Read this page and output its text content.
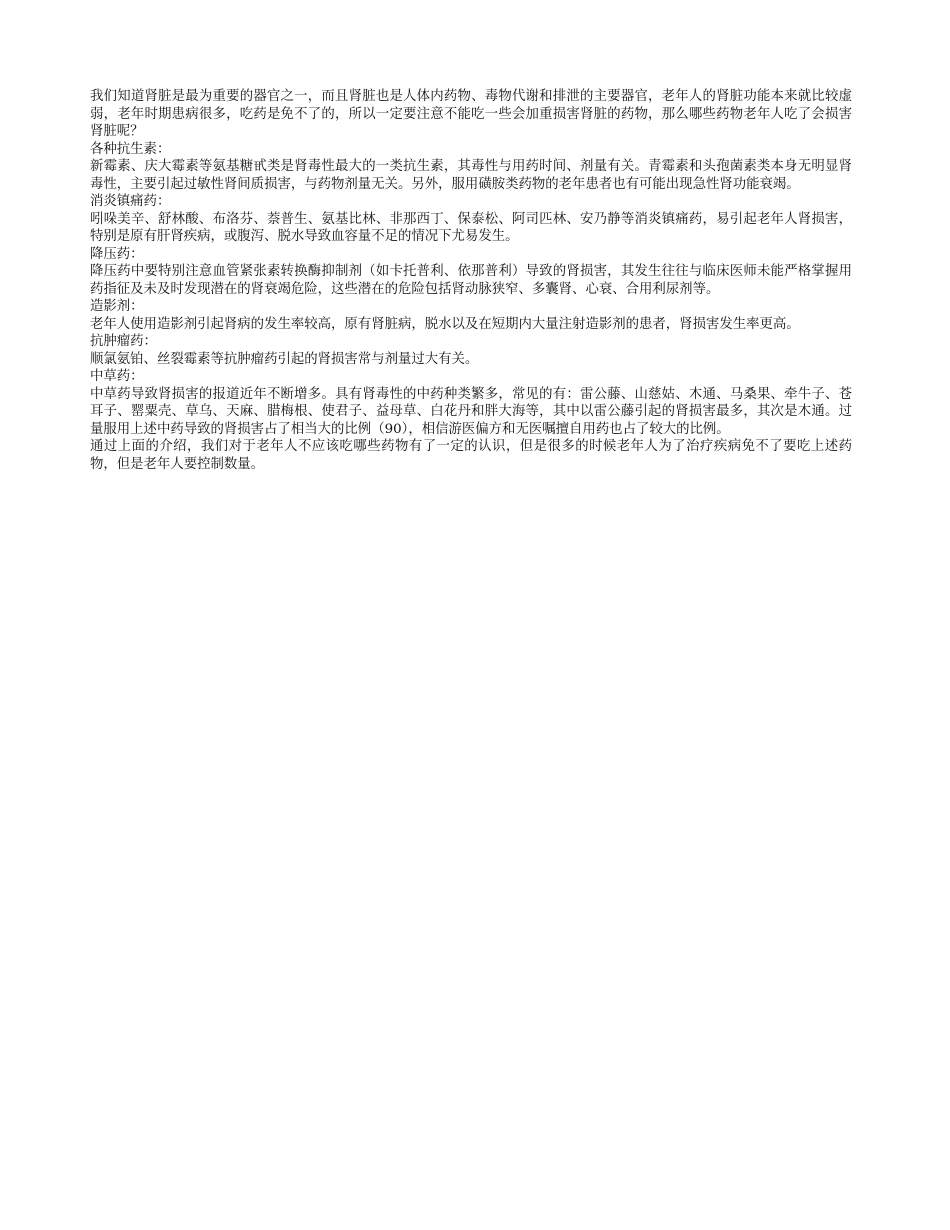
我们知道肾脏是最为重要的器官之一，而且肾脏也是人体内药物、毒物代谢和排泄的主要器官，老年人的肾脏功能本来就比较虚弱，老年时期患病很多，吃药是免不了的，所以一定要注意不能吃一些会加重损害肾脏的药物，那么哪些药物老年人吃了会损害肾脏呢？

各种抗生素：

新霉素、庆大霉素等氨基糖甙类是肾毒性最大的一类抗生素，其毒性与用药时间、剂量有关。青霉素和头孢菌素类本身无明显肾毒性，主要引起过敏性肾间质损害，与药物剂量无关。另外，服用磺胺类药物的老年患者也有可能出现急性肾功能衰竭。

消炎镇痛药：

吲哚美辛、舒林酸、布洛芬、萘普生、氨基比林、非那西丁、保泰松、阿司匹林、安乃静等消炎镇痛药，易引起老年人肾损害，特别是原有肝肾疾病，或腹泻、脱水导致血容量不足的情况下尤易发生。

降压药：

降压药中要特别注意血管紧张素转换酶抑制剂（如卡托普利、依那普利）导致的肾损害，其发生往往与临床医师未能严格掌握用药指征及未及时发现潜在的肾衰竭危险，这些潜在的危险包括肾动脉狭窄、多囊肾、心衰、合用利尿剂等。

造影剂：

老年人使用造影剂引起肾病的发生率较高，原有肾脏病，脱水以及在短期内大量注射造影剂的患者，肾损害发生率更高。

抗肿瘤药：

顺氯氨铂、丝裂霉素等抗肿瘤药引起的肾损害常与剂量过大有关。

中草药：

中草药导致肾损害的报道近年不断增多。具有肾毒性的中药种类繁多，常见的有：雷公藤、山慈姑、木通、马桑果、牵牛子、苍耳子、罂粟壳、草乌、天麻、腊梅根、使君子、益母草、白花丹和胖大海等，其中以雷公藤引起的肾损害最多，其次是木通。过量服用上述中药导致的肾损害占了相当大的比例（90），相信游医偏方和无医嘱擅自用药也占了较大的比例。

通过上面的介绍，我们对于老年人不应该吃哪些药物有了一定的认识，但是很多的时候老年人为了治疗疾病免不了要吃上述药物，但是老年人要控制数量。
